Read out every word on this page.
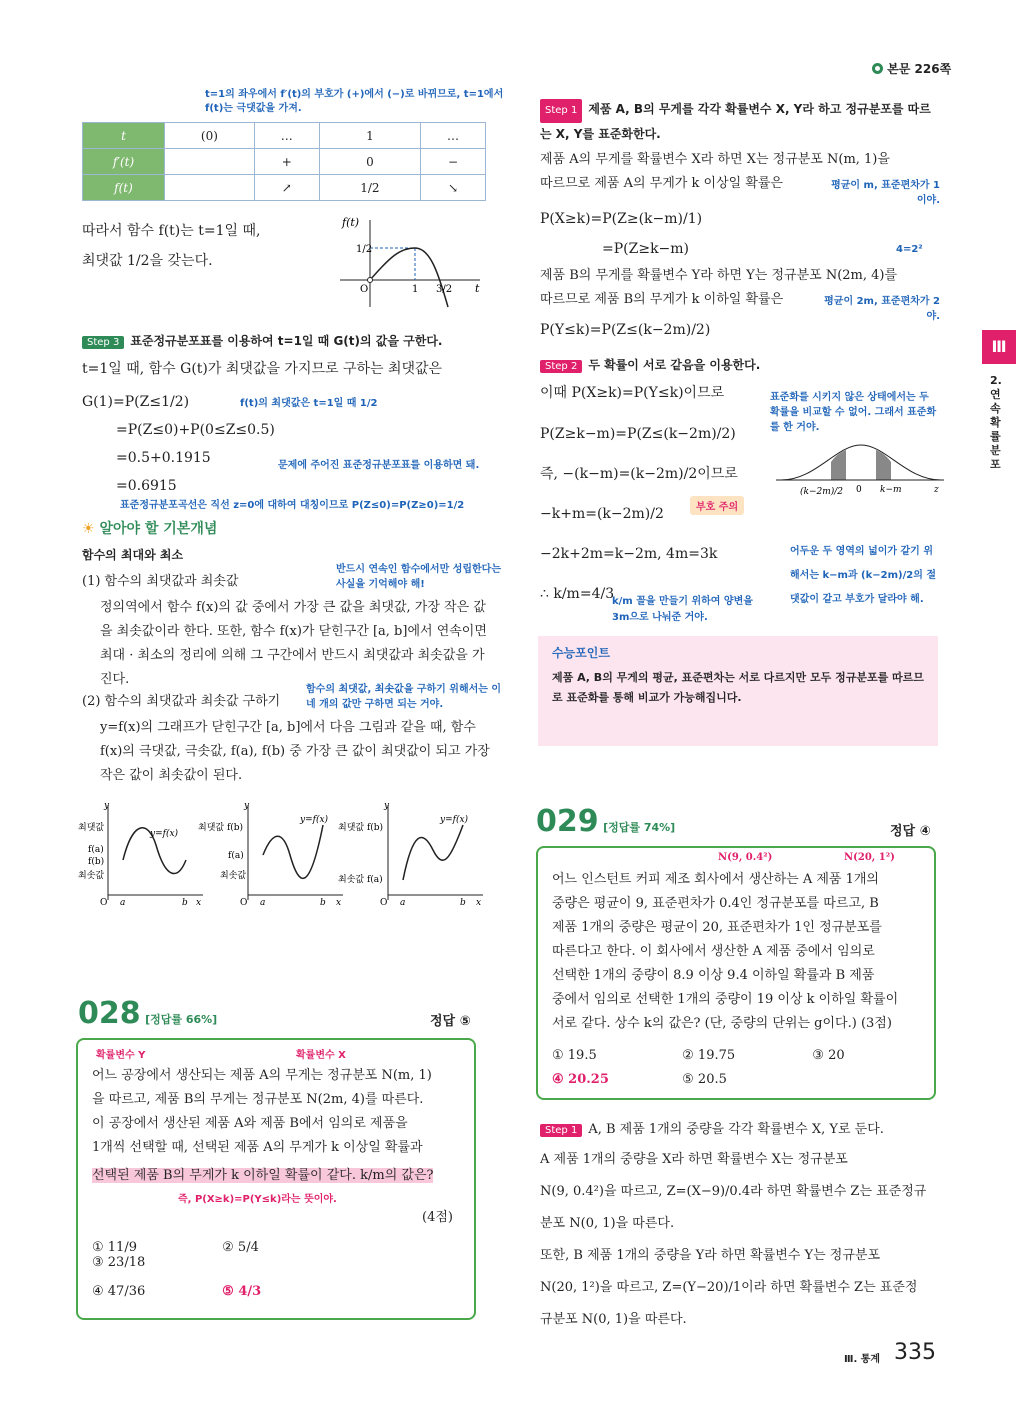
본문 226쪽
t=1의 좌우에서 f′(t)의 부호가 (+)에서 (−)로 바뀌므로, t=1에서 f(t)는 극댓값을 가져.
t	(0)	…	1	…
f′(t)		+	0	−
f(t)		↗	1/2	↘
따라서 함수 f(t)는 t=1일 때,
최댓값 1/2을 갖는다.
f(t)
1/2
O	1 3/2 t
Step 3 표준정규분포표를 이용하여 t=1일 때 G(t)의 값을 구한다.
t=1일 때, 함수 G(t)가 최댓값을 가지므로 구하는 최댓값은
G(1)=P(Z≤1/2)
=P(Z≤0)+P(0≤Z≤0.5)
=0.5+0.1915
=0.6915
f(t)의 최댓값은 t=1일 때 1/2
문제에 주어진 표준정규분포표를 이용하면 돼.
표준정규분포곡선은 직선 z=0에 대하여 대칭이므로 P(Z≤0)=P(Z≥0)=1/2
☀ 알아야 할 기본개념
함수의 최대와 최소
(1) 함수의 최댓값과 최솟값
반드시 연속인 함수에서만 성립한다는 사실을 기억해야 해!
정의역에서 함수 f(x)의 값 중에서 가장 큰 값을 최댓값, 가장 작은 값을 최솟값이라 한다. 또한, 함수 f(x)가 닫힌구간 [a, b]에서 연속이면 최대 · 최소의 정리에 의해 그 구간에서 반드시 최댓값과 최솟값을 가진다.
(2) 함수의 최댓값과 최솟값 구하기
함수의 최댓값, 최솟값을 구하기 위해서는 이 네 개의 값만 구하면 되는 거야.
y=f(x)의 그래프가 닫힌구간 [a, b]에서 다음 그림과 같을 때, 함수 f(x)의 극댓값, 극솟값, f(a), f(b) 중 가장 큰 값이 최댓값이 되고 가장 작은 값이 최솟값이 된다.
최댓값
f(a)
f(b)
최솟값
y=f(x)
y
O a	b x
최댓값 f(b)
f(a)
최솟값
y=f(x)
y
O a	b x
최댓값 f(b)
최솟값 f(a)
y=f(x)
y
O a	b x
028 [정답률 66%]	정답 ⑤
확률변수 Y	확률변수 X
어느 공장에서 생산되는 제품 A의 무게는 정규분포 N(m, 1)
을 따르고, 제품 B의 무게는 정규분포 N(2m, 4)를 따른다.
이 공장에서 생산된 제품 A와 제품 B에서 임의로 제품을
1개씩 선택할 때, 선택된 제품 A의 무게가 k 이상일 확률과
선택된 제품 B의 무게가 k 이하일 확률이 같다. k/m의 값은?
즉, P(X≥k)=P(Y≤k)라는 뜻이야.
(4점)
① 11/9	② 5/4 ③ 23/18
④ 47/36	⑤ 4/3
Step 1 제품 A, B의 무게를 각각 확률변수 X, Y라 하고 정규분포를 따르는 X, Y를 표준화한다.
제품 A의 무게를 확률변수 X라 하면 X는 정규분포 N(m, 1)을
따르므로 제품 A의 무게가 k 이상일 확률은	평균이 m, 표준편차가 1이야.
P(X≥k)=P(Z≥(k−m)/1)
=P(Z≥k−m)	4=2²
제품 B의 무게를 확률변수 Y라 하면 Y는 정규분포 N(2m, 4)를
따르므로 제품 B의 무게가 k 이하일 확률은	평균이 2m, 표준편차가 2야.
P(Y≤k)=P(Z≤(k−2m)/2)
Step 2 두 확률이 서로 같음을 이용한다.
이때 P(X≥k)=P(Y≤k)이므로	표준화를 시키지 않은 상태에서는 두 확률을 비교할 수 없어. 그래서 표준화를 한 거야.
P(Z≥k−m)=P(Z≤(k−2m)/2)
즉, −(k−m)=(k−2m)/2이므로
−k+m=(k−2m)/2
−2k+2m=k−2m, 4m=3k
∴ k/m=4/3
부호 주의
k/m 꼴을 만들기 위하여 양변을 3m으로 나눠준 거야.
(k−2m)/2 0 k−m	z
어두운 두 영역의 넓이가 같기 위해서는 k−m과 (k−2m)/2의 절댓값이 같고 부호가 달라야 해.
수능포인트
제품 A, B의 무게의 평균, 표준편차는 서로 다르지만 모두 정규분포를 따르므로 표준화를 통해 비교가 가능해집니다.
029 [정답률 74%]	정답 ④
N(9, 0.4²)	N(20, 1²)
어느 인스턴트 커피 제조 회사에서 생산하는 A 제품 1개의
중량은 평균이 9, 표준편차가 0.4인 정규분포를 따르고, B
제품 1개의 중량은 평균이 20, 표준편차가 1인 정규분포를
따른다고 한다. 이 회사에서 생산한 A 제품 중에서 임의로
선택한 1개의 중량이 8.9 이상 9.4 이하일 확률과 B 제품
중에서 임의로 선택한 1개의 중량이 19 이상 k 이하일 확률이
서로 같다. 상수 k의 값은? (단, 중량의 단위는 g이다.) (3점)
① 19.5	② 19.75	③ 20
④ 20.25	⑤ 20.5
Step 1 A, B 제품 1개의 중량을 각각 확률변수 X, Y로 둔다.
A 제품 1개의 중량을 X라 하면 확률변수 X는 정규분포
N(9, 0.4²)을 따르고, Z=(X−9)/0.4라 하면 확률변수 Z는 표준정규
분포 N(0, 1)을 따른다.
또한, B 제품 1개의 중량을 Y라 하면 확률변수 Y는 정규분포
N(20, 1²)을 따르고, Z=(Y−20)/1이라 하면 확률변수 Z는 표준정
규분포 N(0, 1)을 따른다.
Ⅲ
2. 연속확률분포
Ⅲ. 통계 335
